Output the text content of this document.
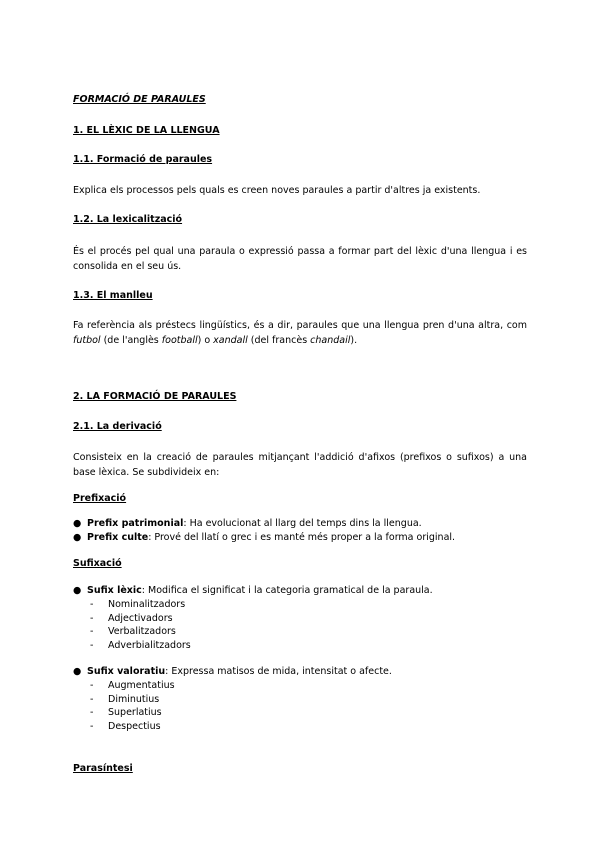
FORMACIÓ DE PARAULES
1. EL LÈXIC DE LA LLENGUA
1.1. Formació de paraules
Explica els processos pels quals es creen noves paraules a partir d'altres ja existents.
1.2. La lexicalització
És el procés pel qual una paraula o expressió passa a formar part del lèxic d'una llengua i es consolida en el seu ús.
1.3. El manlleu
Fa referència als préstecs lingüístics, és a dir, paraules que una llengua pren d'una altra, com futbol (de l'anglès football) o xandall (del francès chandail).
2. LA FORMACIÓ DE PARAULES
2.1. La derivació
Consisteix en la creació de paraules mitjançant l'addició d'afixos (prefixos o sufixos) a una base lèxica. Se subdivideix en:
Prefixació
● Prefix patrimonial: Ha evolucionat al llarg del temps dins la llengua.
● Prefix culte: Prové del llatí o grec i es manté més proper a la forma original.
Sufixació
● Sufix lèxic: Modifica el significat i la categoria gramatical de la paraula.
- Nominalitzadors
- Adjectivadors
- Verbalitzadors
- Adverbialitzadors
● Sufix valoratiu: Expressa matisos de mida, intensitat o afecte.
- Augmentatius
- Diminutius
- Superlatius
- Despectius
Parasíntesi
